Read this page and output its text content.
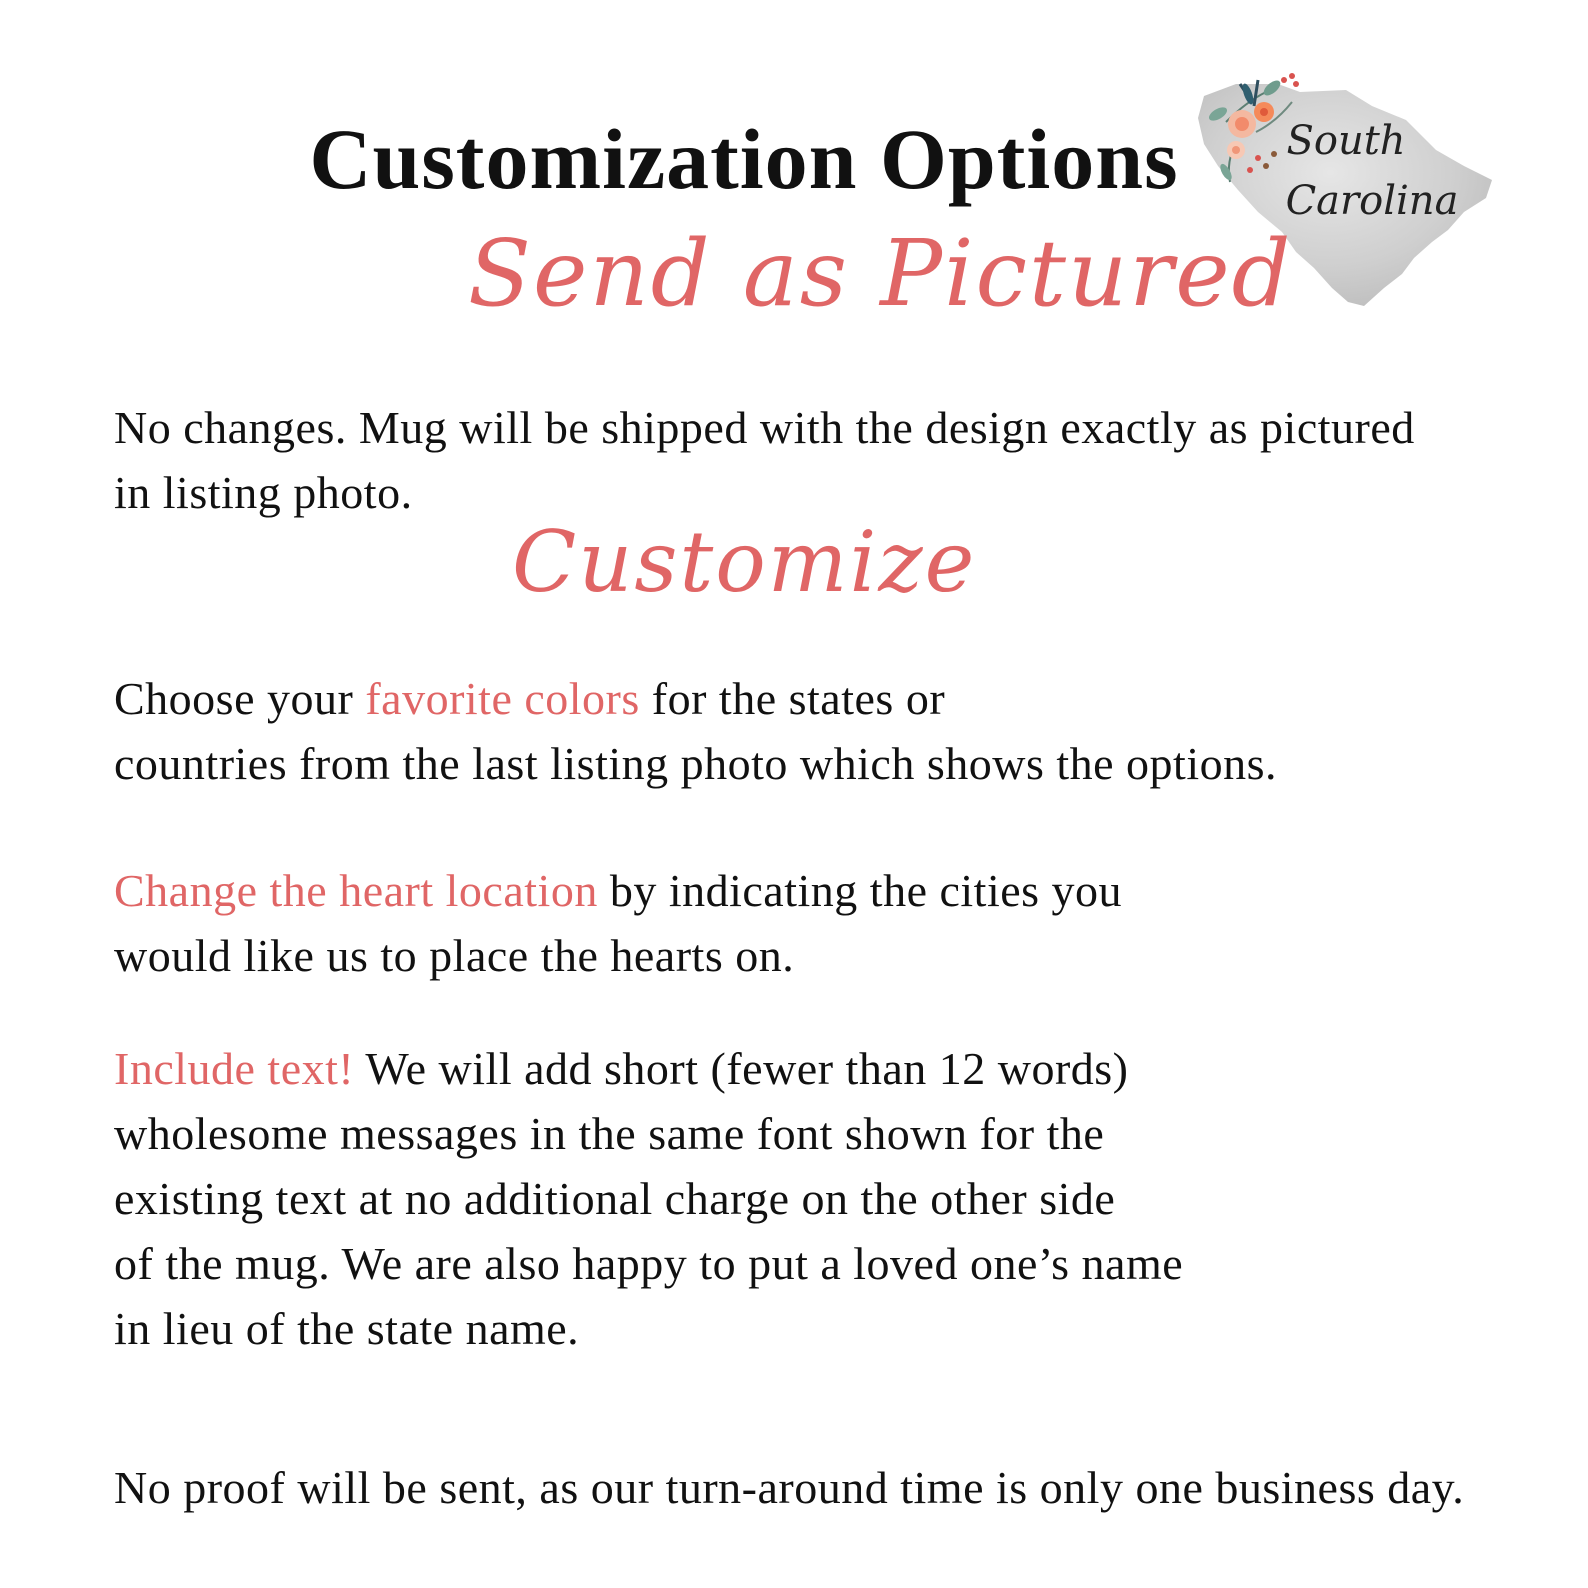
Customization Options	South
Carolina
Send as Pictured

No changes. Mug will be shipped with the design exactly as pictured
in listing photo.

Customize

Choose your favorite colors for the states or
countries from the last listing photo which shows the options.

Change the heart location by indicating the cities you
would like us to place the hearts on.

Include text! We will add short (fewer than 12 words)
wholesome messages in the same font shown for the
existing text at no additional charge on the other side
of the mug. We are also happy to put a loved one’s name
in lieu of the state name.

No proof will be sent, as our turn-around time is only one business day.
